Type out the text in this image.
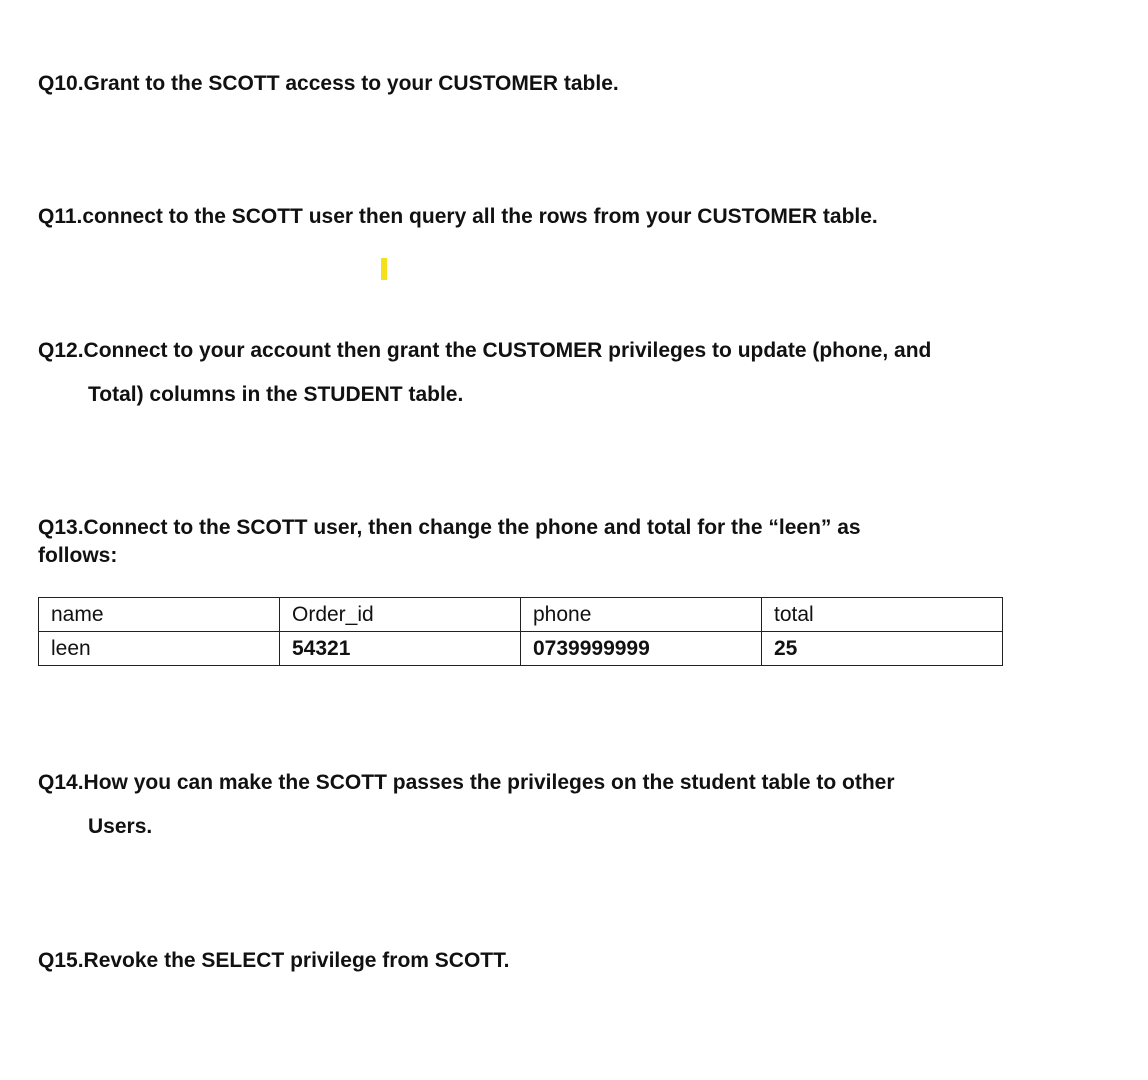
Q10.Grant to the SCOTT access to your CUSTOMER table.
Q11.connect to the SCOTT user then query all the rows from your CUSTOMER table.
Q12.Connect to your account then grant the CUSTOMER privileges to update (phone, and
Total) columns in the STUDENT table.
Q13.Connect to the SCOTT user, then change the phone and total for the “leen” as
follows:
name	Order_id	phone	total
leen	54321	0739999999	25
Q14.How you can make the SCOTT passes the privileges on the student table to other
Users.
Q15.Revoke the SELECT privilege from SCOTT.
